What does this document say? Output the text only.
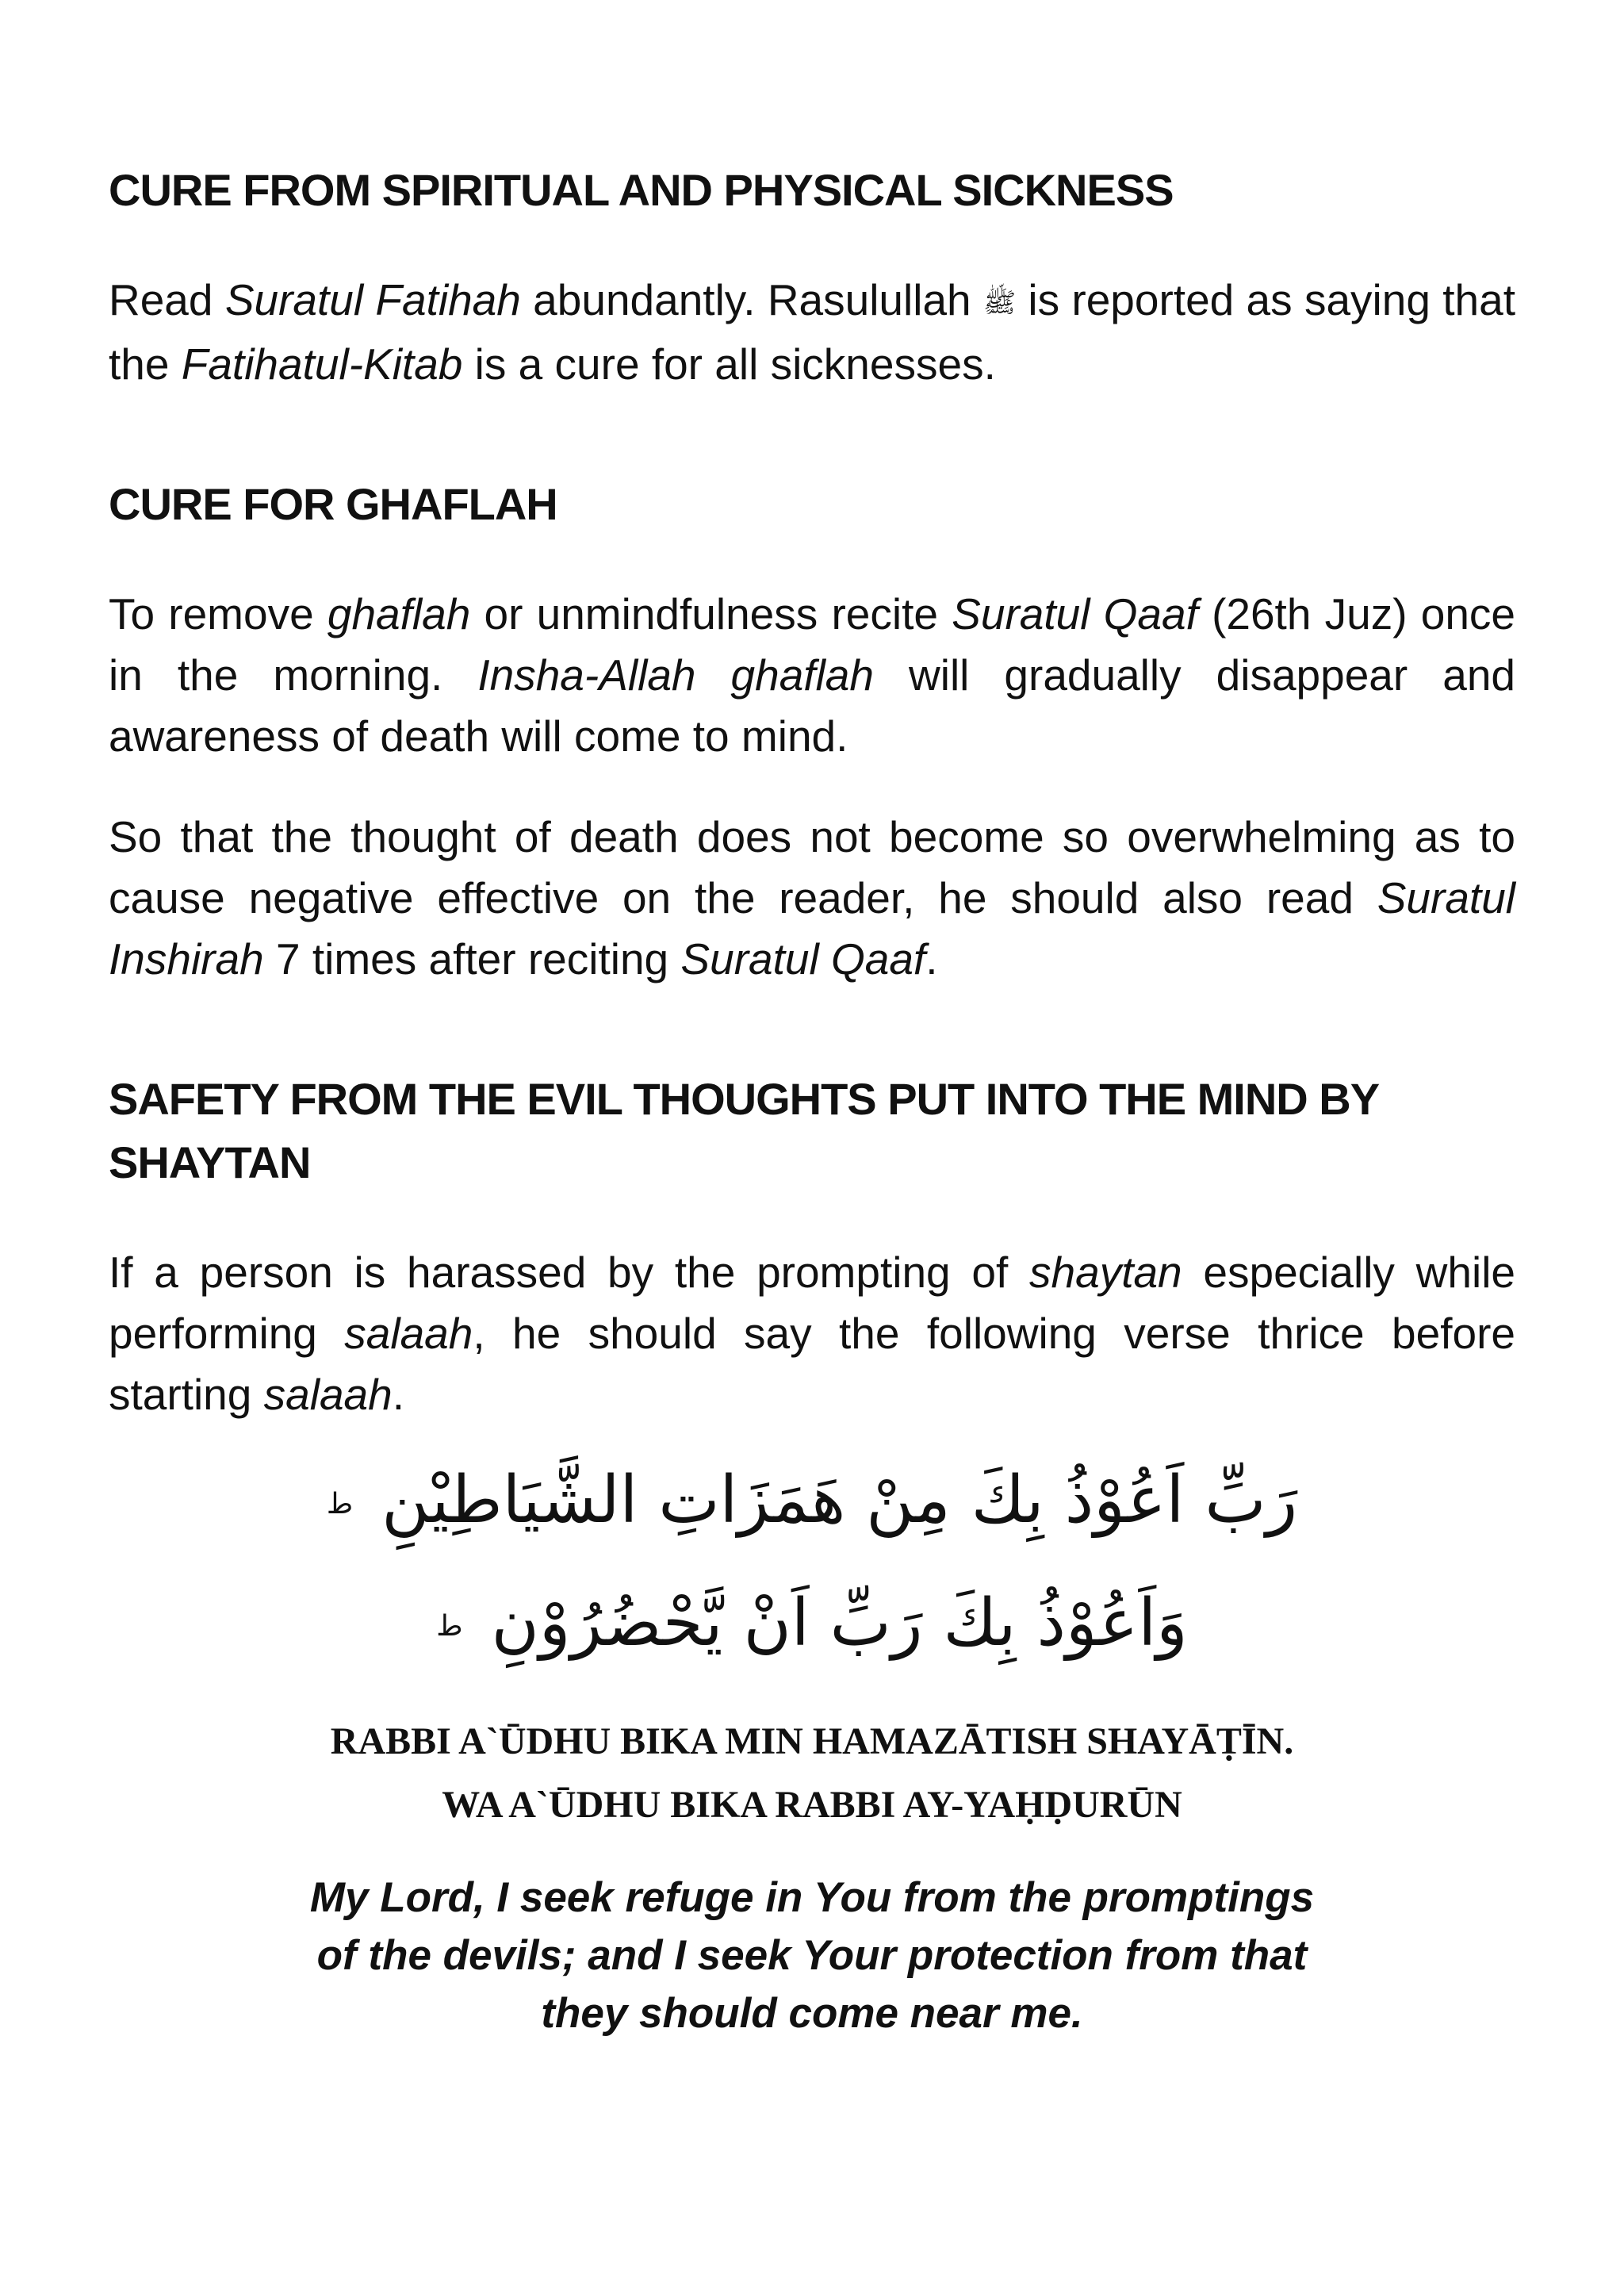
CURE FROM SPIRITUAL AND PHYSICAL SICKNESS

Read Suratul Fatihah abundantly. Rasulullah ﷺ is reported as saying that the Fatihatul-Kitab is a cure for all sicknesses.

CURE FOR GHAFLAH

To remove ghaflah or unmindfulness recite Suratul Qaaf (26th Juz) once in the morning. Insha-Allah ghaflah will gradually disappear and awareness of death will come to mind.

So that the thought of death does not become so overwhelming as to cause negative effective on the reader, he should also read Suratul Inshirah 7 times after reciting Suratul Qaaf.

SAFETY FROM THE EVIL THOUGHTS PUT INTO THE MIND BY SHAYTAN

If a person is harassed by the prompting of shaytan especially while performing salaah, he should say the following verse thrice before starting salaah.

رَبِّ اَعُوْذُ بِكَ مِنْ هَمَزَاتِ الشَّيَاطِيْنِ ط
وَاَعُوْذُ بِكَ رَبِّ اَنْ يَّحْضُرُوْنِ ط
RABBI A`ŪDHU BIKA MIN HAMAZĀTISH SHAYĀṬĪN.
WA A`ŪDHU BIKA RABBI AY-YAḤḌURŪN
My Lord, I seek refuge in You from the promptings
of the devils; and I seek Your protection from that
they should come near me.
